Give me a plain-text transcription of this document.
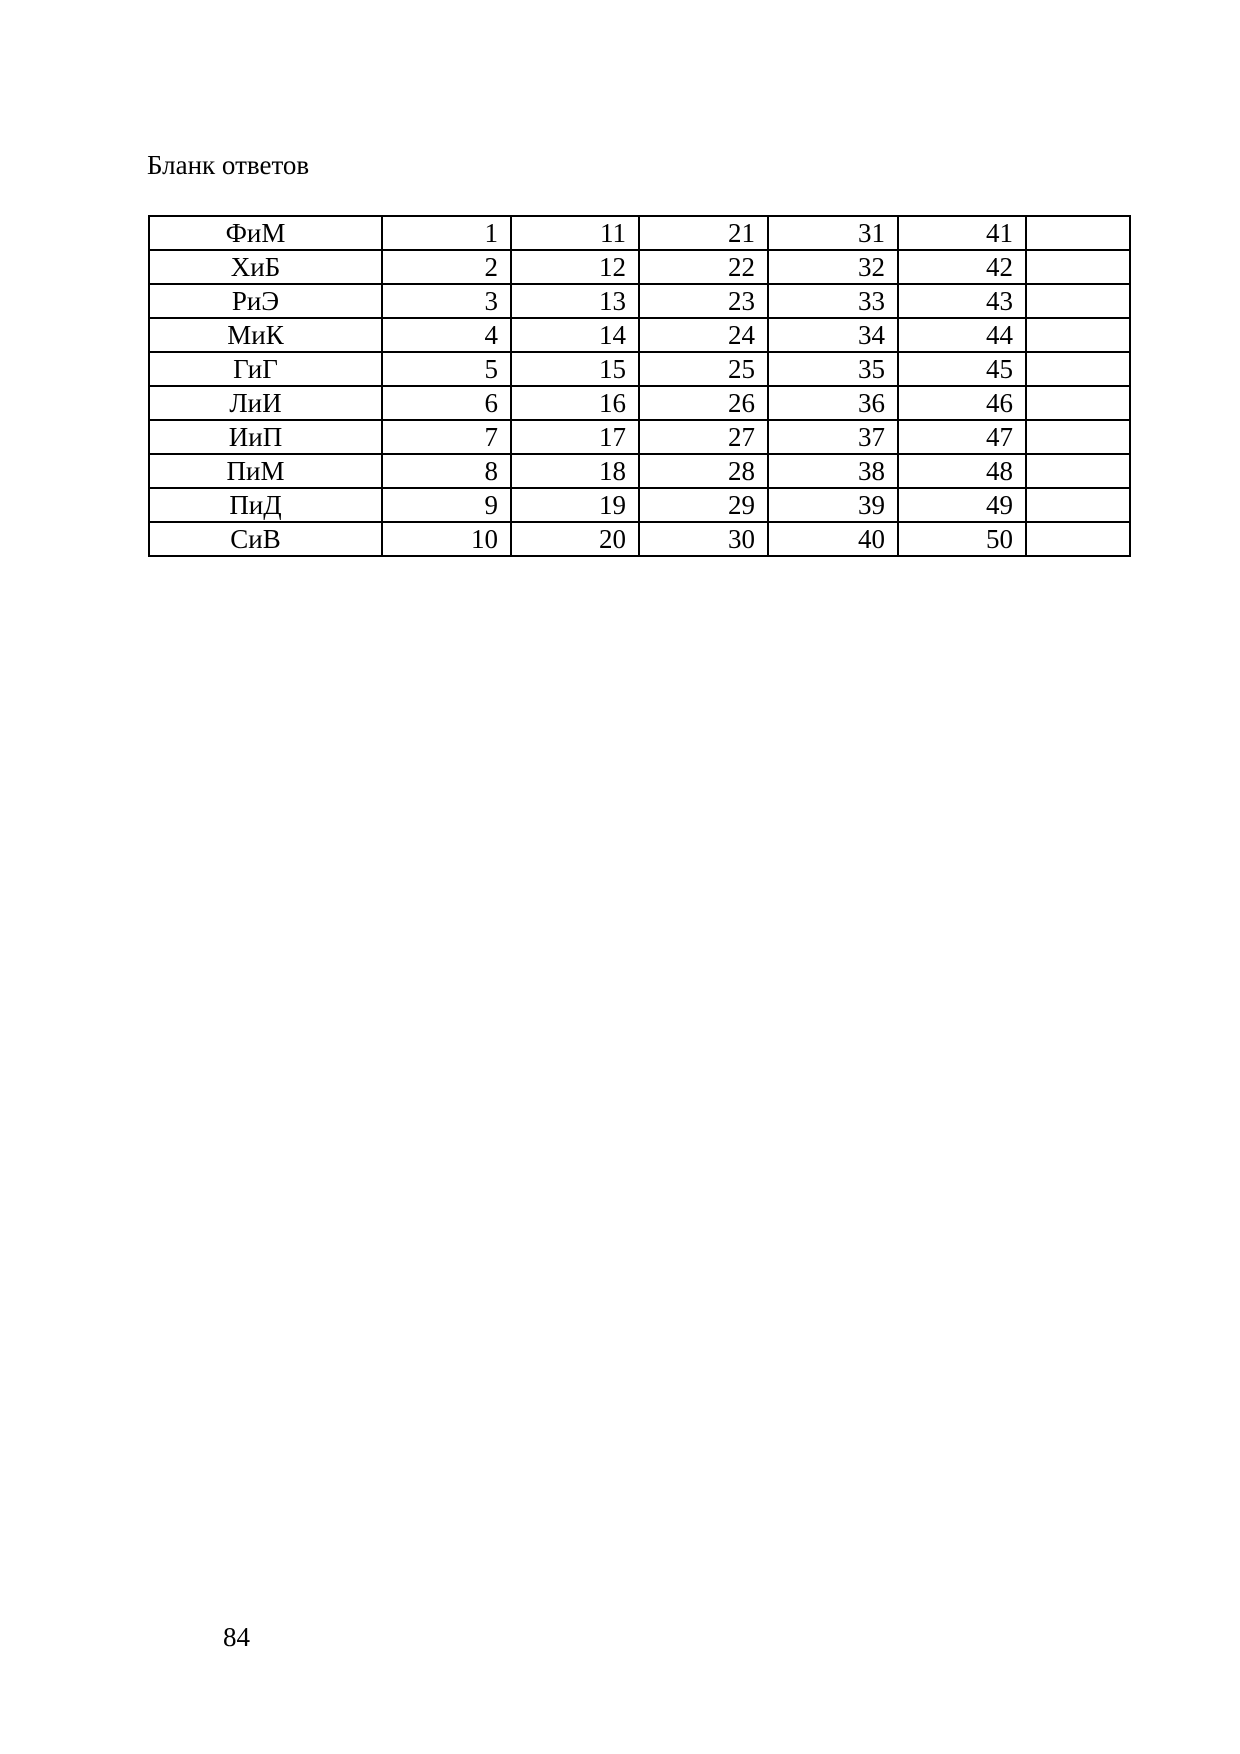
Бланк ответов
ФиМ	1	11	21	31	41	
ХиБ	2	12	22	32	42	
РиЭ	3	13	23	33	43	
МиК	4	14	24	34	44	
ГиГ	5	15	25	35	45	
ЛиИ	6	16	26	36	46	
ИиП	7	17	27	37	47	
ПиМ	8	18	28	38	48	
ПиД	9	19	29	39	49	
СиВ	10	20	30	40	50	
84
